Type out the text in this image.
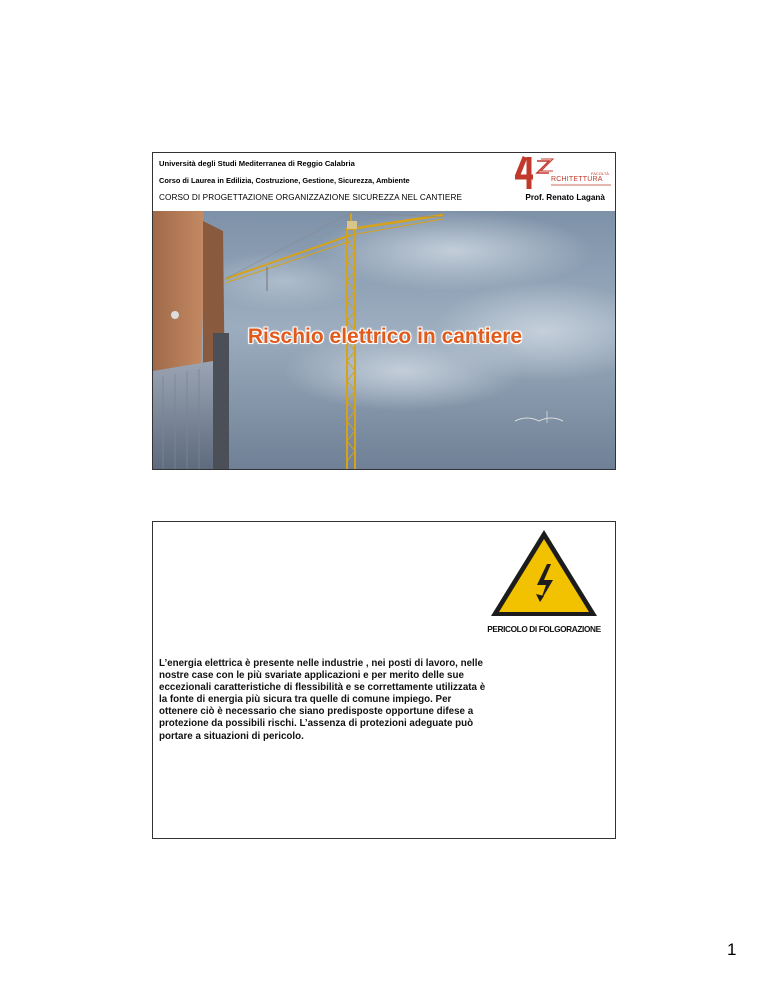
Università degli Studi Mediterranea di Reggio Calabria
Corso di Laurea in Edilizia, Costruzione, Gestione, Sicurezza, Ambiente
CORSO DI PROGETTAZIONE ORGANIZZAZIONE SICUREZZA NEL CANTIERE	Prof. Renato Laganà
FACOLTÀ
RCHITETTURA
Rischio elettrico in cantiere
PERICOLO DI FOLGORAZIONE
L’energia elettrica è presente nelle industrie , nei posti di lavoro, nelle nostre case con le più svariate applicazioni e per merito delle sue eccezionali caratteristiche di flessibilità e se correttamente utilizzata è la fonte di energia più sicura tra quelle di comune impiego. Per ottenere ciò è necessario che siano predisposte opportune difese a protezione da possibili rischi. L’assenza di protezioni adeguate può portare a situazioni di pericolo.
1
